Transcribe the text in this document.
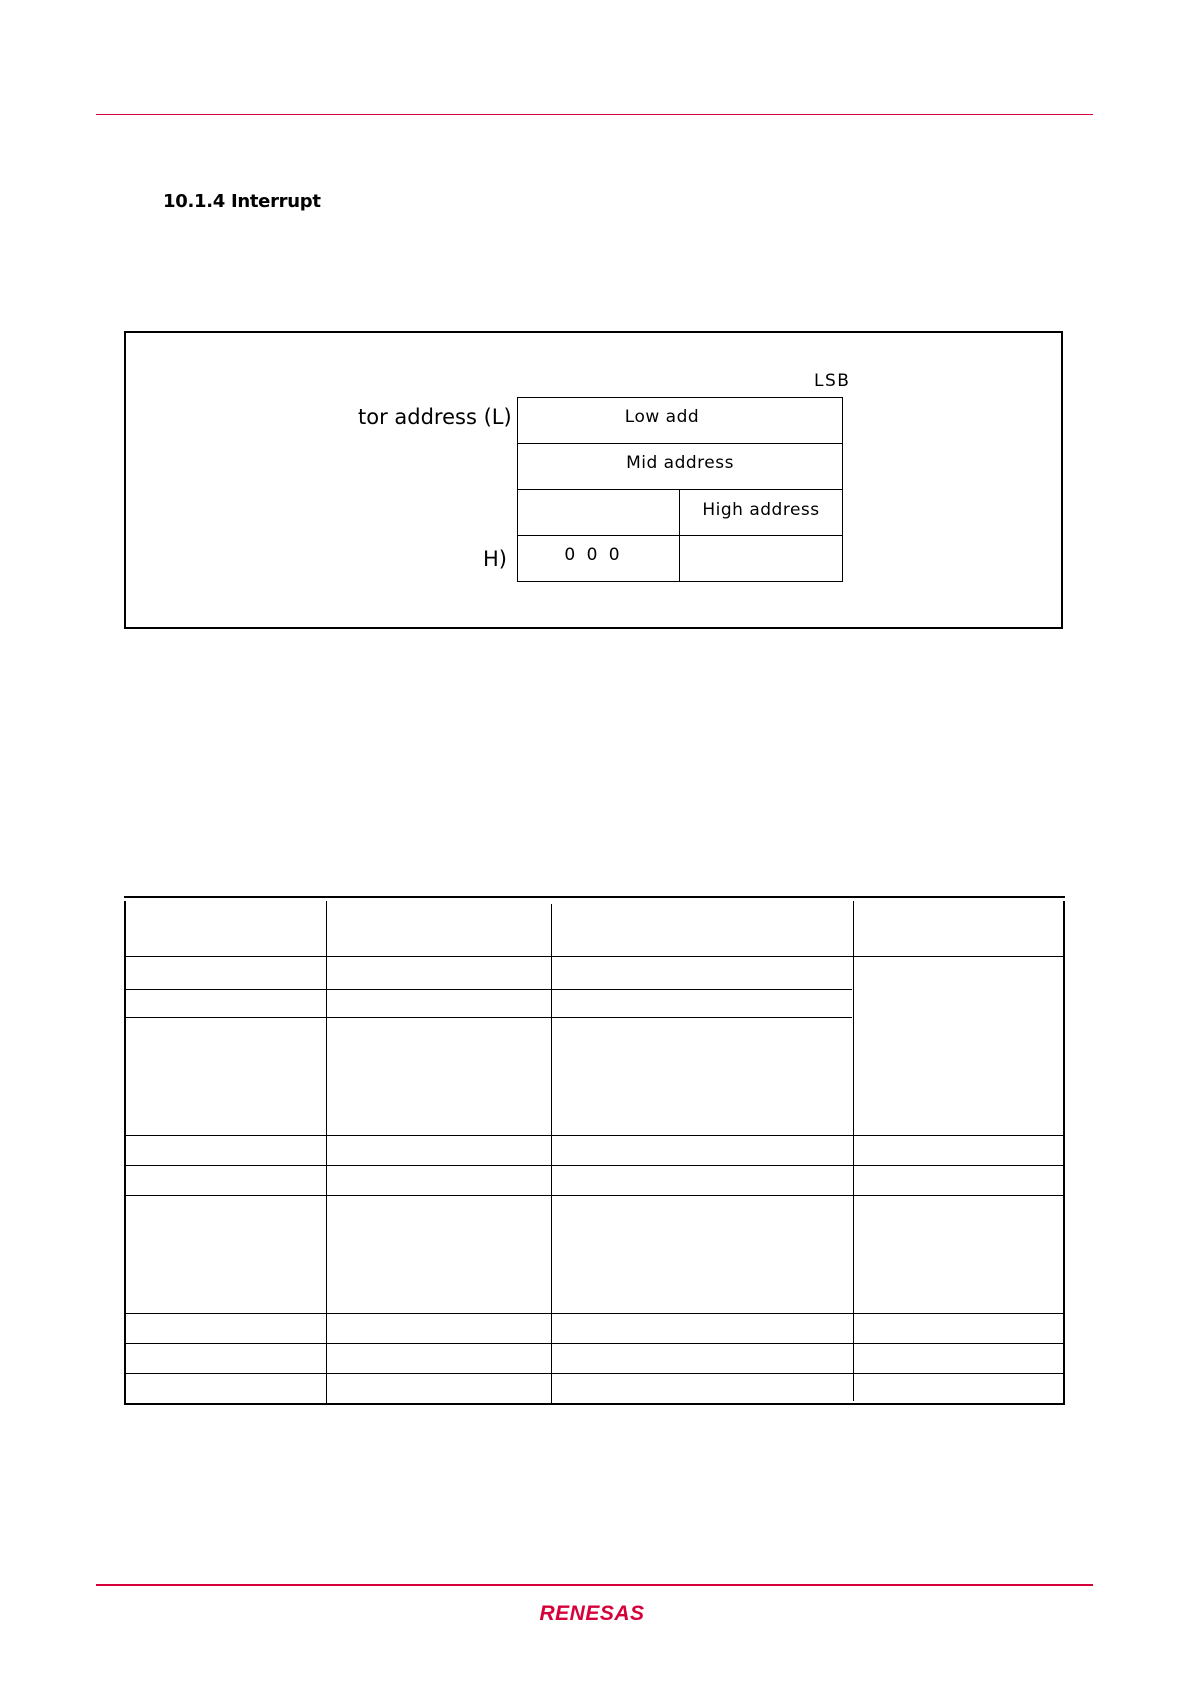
10.1.4 Interrupt
LSB
tor address (L)
H)
Low add
Mid address
High address
0 0 0
RENESAS
